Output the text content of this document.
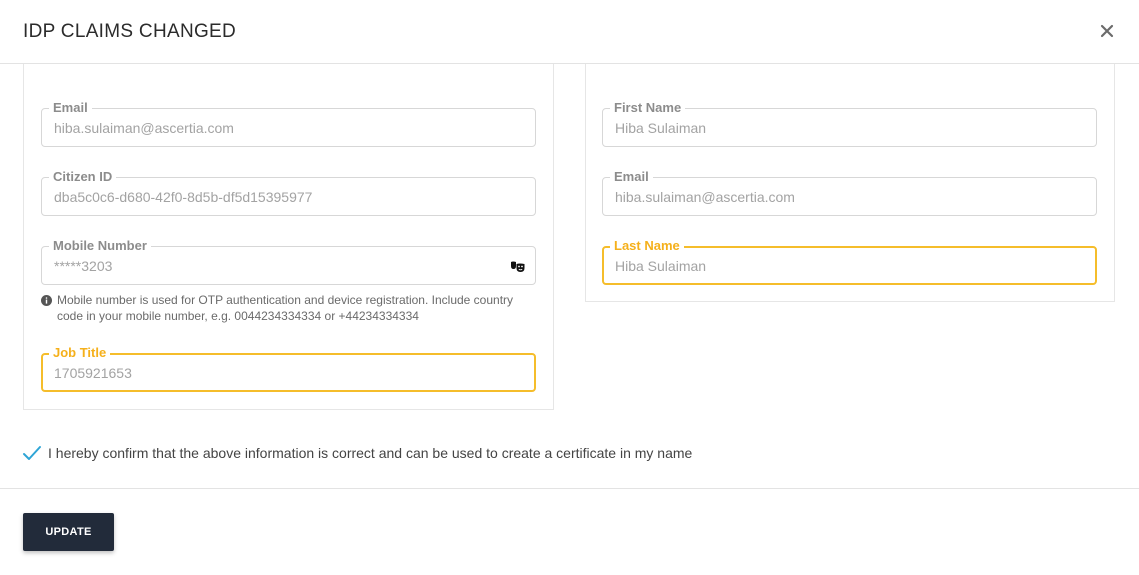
IDP CLAIMS CHANGED
Email
hiba.sulaiman@ascertia.com
Citizen ID
dba5c0c6-d680-42f0-8d5b-df5d15395977
Mobile Number
*****3203
Mobile number is used for OTP authentication and device registration. Include country code in your mobile number, e.g. 0044234334334 or +44234334334
Job Title
1705921653
First Name
Hiba Sulaiman
Email
hiba.sulaiman@ascertia.com
Last Name
Hiba Sulaiman
I hereby confirm that the above information is correct and can be used to create a certificate in my name
UPDATE
